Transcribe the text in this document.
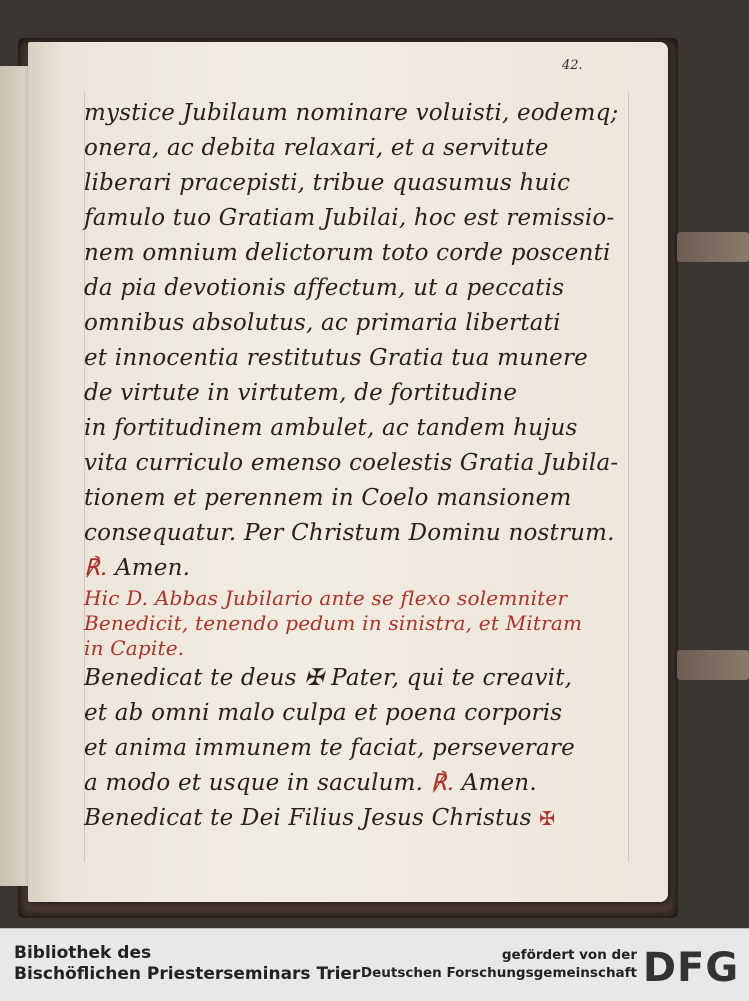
42.
mystice Jubilaum nominare voluisti, eodemq;
onera, ac debita relaxari, et a servitute
liberari pracepisti, tribue quasumus huic
famulo tuo Gratiam Jubilai, hoc est remissio-
nem omnium delictorum toto corde poscenti
da pia devotionis affectum, ut a peccatis
omnibus absolutus, ac primaria libertati
et innocentia restitutus Gratia tua munere
de virtute in virtutem, de fortitudine
in fortitudinem ambulet, ac tandem hujus
vita curriculo emenso coelestis Gratia Jubila-
tionem et perennem in Coelo mansionem
consequatur. Per Christum Dominu nostrum.
℟. Amen.
Hic D. Abbas Jubilario ante se flexo solemniter
Benedicit, tenendo pedum in sinistra, et Mitram
in Capite.
Benedicat te deus ✠ Pater, qui te creavit,
et ab omni malo culpa et poena corporis
et anima immunem te faciat, perseverare
a modo et usque in saculum. ℟. Amen.
Benedicat te Dei Filius Jesus Christus ✠
Bibliothek des
Bischöflichen Priesterseminars Trier
gefördert von der
Deutschen Forschungsgemeinschaft DFG
